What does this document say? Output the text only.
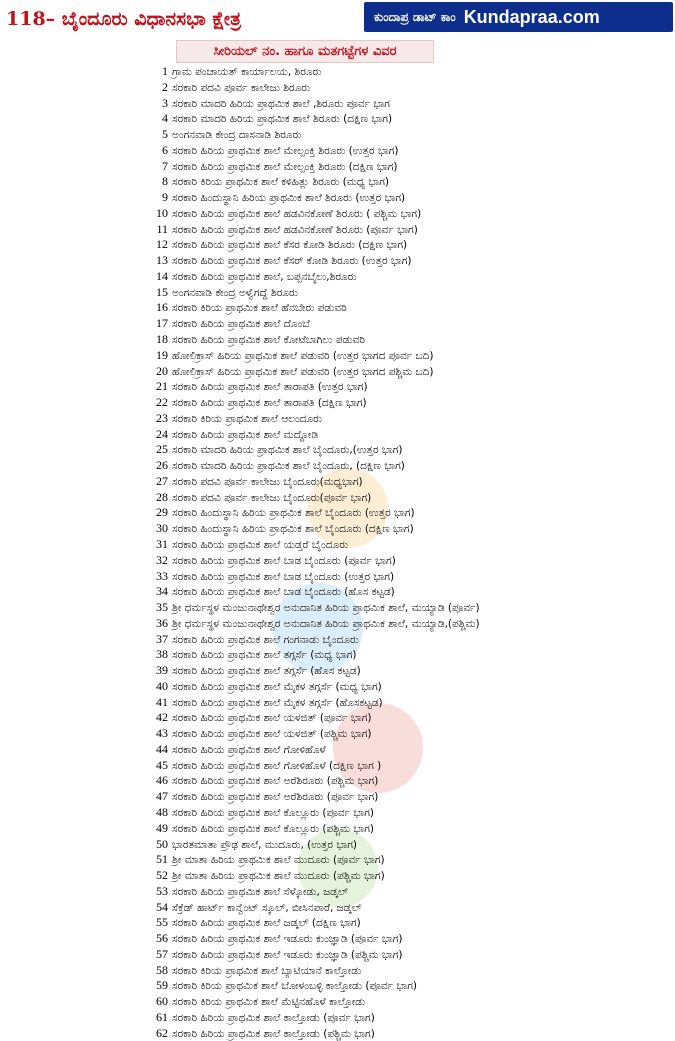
118– ಬೈಂದೂರು ವಿಧಾನಸಭಾ ಕ್ಷೇತ್ರ	ಕುಂದಾಪ್ರ ಡಾಟ್ ಕಾಂ Kundapraa.com
ಸೀರಿಯಲ್ ನಂ. ಹಾಗೂ ಮತಗಟ್ಟೆಗಳ ವಿವರ
1 ಗ್ರಾಮ ಪಂಚಾಯತ್ ಕಾರ್ಯಾಲಯ, ಶಿರೂರು
2 ಸರಕಾರಿ ಪದವಿ ಪೂರ್ವ ಕಾಲೇಜು ಶಿರೂರು
3 ಸರಕಾರಿ ಮಾದರಿ ಹಿರಿಯ ಪ್ರಾಥಮಿಕ ಶಾಲೆ ,ಶಿರೂರು ಪೂರ್ವ ಭಾಗ
4 ಸರಕಾರಿ ಮಾದರಿ ಹಿರಿಯ ಪ್ರಾಥಮಿಕ ಶಾಲೆ ಶಿರೂರು (ದಕ್ಷಿಣ ಭಾಗ)
5 ಅಂಗನವಾಡಿ ಕೇಂದ್ರ ದಾಸನಾಡಿ ಶಿರೂರು
6 ಸರಕಾರಿ ಹಿರಿಯ ಪ್ರಾಥಮಿಕ ಶಾಲೆ ಮೇಲ್ಪಂಕ್ತಿ ಶಿರೂರು (ಉತ್ತರ ಭಾಗ)
7 ಸರಕಾರಿ ಹಿರಿಯ ಪ್ರಾಥಮಿಕ ಶಾಲೆ ಮೇಲ್ಪಂಕ್ತಿ ಶಿರೂರು (ದಕ್ಷಿಣ ಭಾಗ)
8 ಸರಕಾರಿ ಕಿರಿಯ ಪ್ರಾಥಮಿಕ ಶಾಲೆ ಕಳಿಹಿತ್ಲು ಶಿರೂರು (ಮಧ್ಯ ಭಾಗ)
9 ಸರಕಾರಿ ಹಿಂದುಸ್ಥಾನಿ ಹಿರಿಯ ಪ್ರಾಥಮಿಕ ಶಾಲೆ ಶಿರೂರು (ಉತ್ತರ ಭಾಗ)
10 ಸರಕಾರಿ ಹಿರಿಯ ಪ್ರಾಥಮಿಕ ಶಾಲೆ ಹಡವಿನಕೋಣೆ ಶಿರೂರು ( ಪಶ್ಚಿಮ ಭಾಗ)
11 ಸರಕಾರಿ ಹಿರಿಯ ಪ್ರಾಥಮಿಕ ಶಾಲೆ ಹಡವಿನಕೋಣೆ ಶಿರೂರು (ಪೂರ್ವ ಭಾಗ)
12 ಸರಕಾರಿ ಹಿರಿಯ ಪ್ರಾಥಮಿಕ ಶಾಲೆ ಕೆಸರ ಕೋಡಿ ಶಿರೂರು (ದಕ್ಷಿಣ ಭಾಗ)
13 ಸರಕಾರಿ ಹಿರಿಯ ಪ್ರಾಥಮಿಕ ಶಾಲೆ ಕೆಸರ್ ಕೋಡಿ ಶಿರೂರು (ಉತ್ತರ ಭಾಗ)
14 ಸರಕಾರಿ ಹಿರಿಯ ಪ್ರಾಥಮಿಕ ಶಾಲೆ, ಬಪ್ಪನಬೈಲು,ಶಿರೂರು
15 ಅಂಗನವಾಡಿ ಕೇಂದ್ರ ಅಳ್ವೆಗದ್ದೆ ಶಿರೂರು
16 ಸರಕಾರಿ ಕಿರಿಯ ಪ್ರಾಥಮಿಕ ಶಾಲೆ ಹೆನಬೇರು ಪಡುವರಿ
17 ಸರಕಾರಿ ಹಿರಿಯ ಪ್ರಾಥಮಿಕ ಶಾಲೆ ದೊಂಬೆ
18 ಸರಕಾರಿ ಹಿರಿಯ ಪ್ರಾಥಮಿಕ ಶಾಲೆ ಕೋಟೆಬಾಗಿಲು ಪಡುವರಿ
19 ಹೋಲಿಕ್ರಾಸ್ ಹಿರಿಯ ಪ್ರಾಥಮಿಕ ಶಾಲೆ ಪಡುವರಿ (ಉತ್ತರ ಭಾಗದ ಪೂರ್ವ ಬದಿ)
20 ಹೋಲಿಕ್ರಾಸ್ ಹಿರಿಯ ಪ್ರಾಥಮಿಕ ಶಾಲೆ ಪಡುವರಿ (ಉತ್ತರ ಭಾಗದ ಪಶ್ಚಿಮ ಬದಿ)
21 ಸರಕಾರಿ ಹಿರಿಯ ಪ್ರಾಥಮಿಕ ಶಾಲೆ ತಾರಾಪತಿ (ಉತ್ತರ ಭಾಗ)
22 ಸರಕಾರಿ ಹಿರಿಯ ಪ್ರಾಥಮಿಕ ಶಾಲೆ ತಾರಾಪತಿ (ದಕ್ಷಿಣ ಭಾಗ)
23 ಸರಕಾರಿ ಕಿರಿಯ ಪ್ರಾಥಮಿಕ ಶಾಲೆ ಆಲಂದೂರು
24 ಸರಕಾರಿ ಹಿರಿಯ ಪ್ರಾಥಮಿಕ ಶಾಲೆ ಮದ್ದೋಡಿ
25 ಸರಕಾರಿ ಮಾದರಿ ಹಿರಿಯ ಪ್ರಾಥಮಿಕ ಶಾಲೆ ಬೈಂದೂರು,(ಉತ್ತರ ಭಾಗ)
26 ಸರಕಾರಿ ಮಾದರಿ ಹಿರಿಯ ಪ್ರಾಥಮಿಕ ಶಾಲೆ ಬೈಂದೂರು, (ದಕ್ಷಿಣ ಭಾಗ)
27 ಸರಕಾರಿ ಪದವಿ ಪೂರ್ವ ಕಾಲೇಜು ಬೈಂದೂರು(ಮಧ್ಯಭಾಗ)
28 ಸರಕಾರಿ ಪದವಿ ಪೂರ್ವ ಕಾಲೇಜು ಬೈಂದೂರು(ಪೂರ್ವ ಭಾಗ)
29 ಸರಕಾರಿ ಹಿಂದುಸ್ಥಾನಿ ಹಿರಿಯ ಪ್ರಾಥಮಿಕ ಶಾಲೆ ಬೈಂದೂರು (ಉತ್ತರ ಭಾಗ)
30 ಸರಕಾರಿ ಹಿಂದುಸ್ಥಾನಿ ಹಿರಿಯ ಪ್ರಾಥಮಿಕ ಶಾಲೆ ಬೈಂದೂರು (ದಕ್ಷಿಣ ಭಾಗ)
31 ಸರಕಾರಿ ಹಿರಿಯ ಪ್ರಾಥಮಿಕ ಶಾಲೆ ಯಡ್ತರೆ ಬೈಂದೂರು
32 ಸರಕಾರಿ ಹಿರಿಯ ಪ್ರಾಥಮಿಕ ಶಾಲೆ ಬಾಡ ಬೈಂದೂರು (ಪೂರ್ವ ಭಾಗ)
33 ಸರಕಾರಿ ಹಿರಿಯ ಪ್ರಾಥಮಿಕ ಶಾಲೆ ಬಾಡ ಬೈಂದೂರು (ಉತ್ತರ ಭಾಗ)
34 ಸರಕಾರಿ ಹಿರಿಯ ಪ್ರಾಥಮಿಕ ಶಾಲೆ ಬಾಡ ಬೈಂದೂರು (ಹೊಸ ಕಟ್ಟಡ)
35 ಶ್ರೀ ಧರ್ಮಸ್ಥಳ ಮಂಜುನಾಥೇಶ್ವರ ಅನುದಾನಿತ ಹಿರಿಯ ಪ್ರಾಥಮಿಕ ಶಾಲೆ, ಮಯ್ಯಾಡಿ (ಪೂರ್ವ)
36 ಶ್ರೀ ಧರ್ಮಸ್ಥಳ ಮಂಜುನಾಥೇಶ್ವರ ಅನುದಾನಿತ ಹಿರಿಯ ಪ್ರಾಥಮಿಕ ಶಾಲೆ, ಮಯ್ಯಾಡಿ,(ಪಶ್ಚಿಮ)
37 ಸರಕಾರಿ ಹಿರಿಯ ಪ್ರಾಥಮಿಕ ಶಾಲೆ ಗಂಗನಾಡು ಬೈಂದೂರು
38 ಸರಕಾರಿ ಹಿರಿಯ ಪ್ರಾಥಮಿಕ ಶಾಲೆ ತಗ್ಗರ್ಸೆ (ಮಧ್ಯ ಭಾಗ)
39 ಸರಕಾರಿ ಹಿರಿಯ ಪ್ರಾಥಮಿಕ ಶಾಲೆ ತಗ್ಗರ್ಸೆ (ಹೊಸ ಕಟ್ಟಡ)
40 ಸರಕಾರಿ ಹಿರಿಯ ಪ್ರಾಥಮಿಕ ಶಾಲೆ ಮೈಕಳ ತಗ್ಗರ್ಸೆ (ಮಧ್ಯ ಭಾಗ)
41 ಸರಕಾರಿ ಹಿರಿಯ ಪ್ರಾಥಮಿಕ ಶಾಲೆ ಮೈಕಳ ತಗ್ಗರ್ಸೆ (ಹೊಸಕಟ್ಟಡ)
42 ಸರಕಾರಿ ಹಿರಿಯ ಪ್ರಾಥಮಿಕ ಶಾಲೆ ಯಳಜಿತ್ (ಪೂರ್ವ ಭಾಗ)
43 ಸರಕಾರಿ ಹಿರಿಯ ಪ್ರಾಥಮಿಕ ಶಾಲೆ ಯಳಜಿತ್ (ಪಶ್ಚಿಮ ಭಾಗ)
44 ಸರಕಾರಿ ಹಿರಿಯ ಪ್ರಾಥಮಿಕ ಶಾಲೆ ಗೋಳಿಹೊಳೆ
45 ಸರಕಾರಿ ಹಿರಿಯ ಪ್ರಾಥಮಿಕ ಶಾಲೆ ಗೋಳಿಹೊಳೆ (ದಕ್ಷಿಣ ಭಾಗ )
46 ಸರಕಾರಿ ಹಿರಿಯ ಪ್ರಾಥಮಿಕ ಶಾಲೆ ಅರೆಶಿರೂರು (ಪಶ್ಚಿಮ ಭಾಗ)
47 ಸರಕಾರಿ ಹಿರಿಯ ಪ್ರಾಥಮಿಕ ಶಾಲೆ ಅರೆಶಿರೂರು (ಪೂರ್ವ ಭಾಗ)
48 ಸರಕಾರಿ ಹಿರಿಯ ಪ್ರಾಥಮಿಕ ಶಾಲೆ ಕೊಲ್ಲೂರು (ಪೂರ್ವ ಭಾಗ)
49 ಸರಕಾರಿ ಹಿರಿಯ ಪ್ರಾಥಮಿಕ ಶಾಲೆ ಕೊಲ್ಲೂರು (ಪಶ್ಚಿಮ ಭಾಗ)
50 ಭಾರತಮಾತಾ ಪ್ರೌಢ ಶಾಲೆ, ಮುದೂರು, (ಉತ್ತರ ಭಾಗ)
51 ಶ್ರೀ ಮಾತಾ ಹಿರಿಯ ಪ್ರಾಥಮಿಕ ಶಾಲೆ ಮುದೂರು (ಪೂರ್ವ ಭಾಗ)
52 ಶ್ರೀ ಮಾತಾ ಹಿರಿಯ ಪ್ರಾಥಮಿಕ ಶಾಲೆ ಮುದೂರು (ಪಶ್ಚಿಮ ಭಾಗ)
53 ಸರಕಾರಿ ಹಿರಿಯ ಪ್ರಾಥಮಿಕ ಶಾಲೆ ಸೆಳ್ಕೋಡು, ಜಡ್ಕಲ್
54 ಸೆಕ್ರೆಡ್ ಹಾರ್ಟ್ ಕಾನ್ವೆಂಟ್ ಸ್ಕೂಲ್, ಬೀಸಿನಪಾರೆ, ಜಡ್ಕಲ್
55 ಸರಕಾರಿ ಹಿರಿಯ ಪ್ರಾಥಮಿಕ ಶಾಲೆ ಜಡ್ಕಲ್ (ದಕ್ಷಿಣ ಭಾಗ)
56 ಸರಕಾರಿ ಹಿರಿಯ ಪ್ರಾಥಮಿಕ ಶಾಲೆ ಇಡೂರು ಕುಂಜ್ಞಾಡಿ (ಪೂರ್ವ ಭಾಗ)
57 ಸರಕಾರಿ ಹಿರಿಯ ಪ್ರಾಥಮಿಕ ಶಾಲೆ ಇಡೂರು ಕುಂಜ್ಞಾಡಿ (ಪಶ್ಚಿಮ ಭಾಗ)
58 ಸರಕಾರಿ ಕಿರಿಯ ಪ್ರಾಥಮಿಕ ಶಾಲೆ ಬ್ಯಾಟಿಯಾನೆ ಕಾಲ್ತೋಡು
59 ಸರಕಾರಿ ಕಿರಿಯ ಪ್ರಾಥಮಿಕ ಶಾಲೆ ಬೋಳಂಬಳ್ಳಿ ಕಾಲ್ತೋಡು (ಪೂರ್ವ ಭಾಗ)
60 ಸರಕಾರಿ ಕಿರಿಯ ಪ್ರಾಥಮಿಕ ಶಾಲೆ ಮೆಟ್ಟಿನಹೊಳೆ ಕಾಲ್ತೋಡು
61 ಸರಕಾರಿ ಹಿರಿಯ ಪ್ರಾಥಮಿಕ ಶಾಲೆ ಕಾಲ್ತೋಡು (ಪೂರ್ವ ಭಾಗ)
62 ಸರಕಾರಿ ಹಿರಿಯ ಪ್ರಾಥಮಿಕ ಶಾಲೆ ಕಾಲ್ತೋಡು (ಪಶ್ಚಿಮ ಭಾಗ)
